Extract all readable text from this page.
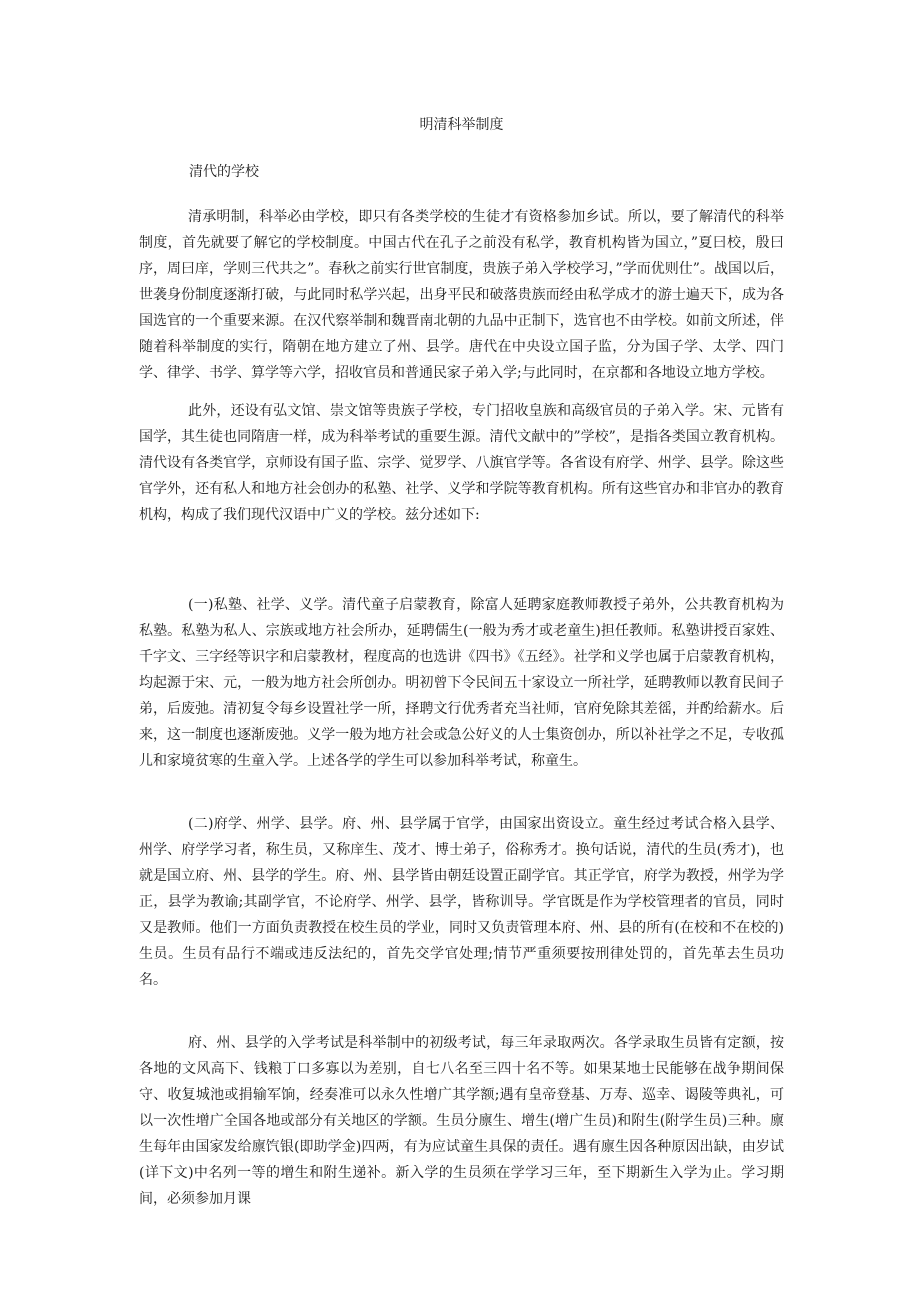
明清科举制度
清代的学校

清承明制，科举必由学校，即只有各类学校的生徒才有资格参加乡试。所以，要了解清代的科举制度，首先就要了解它的学校制度。中国古代在孔子之前没有私学，教育机构皆为国立，”夏曰校，殷曰序，周曰庠，学则三代共之”。春秋之前实行世官制度，贵族子弟入学校学习，”学而优则仕”。战国以后，世袭身份制度逐渐打破，与此同时私学兴起，出身平民和破落贵族而经由私学成才的游士遍天下，成为各国选官的一个重要来源。在汉代察举制和魏晋南北朝的九品中正制下，选官也不由学校。如前文所述，伴随着科举制度的实行，隋朝在地方建立了州、县学。唐代在中央设立国子监，分为国子学、太学、四门学、律学、书学、算学等六学，招收官员和普通民家子弟入学;与此同时，在京都和各地设立地方学校。

此外，还设有弘文馆、崇文馆等贵族子学校，专门招收皇族和高级官员的子弟入学。宋、元皆有国学，其生徒也同隋唐一样，成为科举考试的重要生源。清代文献中的”学校”，是指各类国立教育机构。清代设有各类官学，京师设有国子监、宗学、觉罗学、八旗官学等。各省设有府学、州学、县学。除这些官学外，还有私人和地方社会创办的私塾、社学、义学和学院等教育机构。所有这些官办和非官办的教育机构，构成了我们现代汉语中广义的学校。兹分述如下:

(一)私塾、社学、义学。清代童子启蒙教育，除富人延聘家庭教师教授子弟外，公共教育机构为私塾。私塾为私人、宗族或地方社会所办，延聘儒生(一般为秀才或老童生)担任教师。私塾讲授百家姓、千字文、三字经等识字和启蒙教材，程度高的也选讲《四书》《五经》。社学和义学也属于启蒙教育机构，均起源于宋、元，一般为地方社会所创办。明初曾下令民间五十家设立一所社学，延聘教师以教育民间子弟，后废弛。清初复令每乡设置社学一所，择聘文行优秀者充当社师，官府免除其差徭，并酌给薪水。后来，这一制度也逐渐废弛。义学一般为地方社会或急公好义的人士集资创办，所以补社学之不足，专收孤儿和家境贫寒的生童入学。上述各学的学生可以参加科举考试，称童生。

(二)府学、州学、县学。府、州、县学属于官学，由国家出资设立。童生经过考试合格入县学、州学、府学学习者，称生员，又称庠生、茂才、博士弟子，俗称秀才。换句话说，清代的生员(秀才)，也就是国立府、州、县学的学生。府、州、县学皆由朝廷设置正副学官。其正学官，府学为教授，州学为学正，县学为教谕;其副学官，不论府学、州学、县学，皆称训导。学官既是作为学校管理者的官员，同时又是教师。他们一方面负责教授在校生员的学业，同时又负责管理本府、州、县的所有(在校和不在校的)生员。生员有品行不端或违反法纪的，首先交学官处理;情节严重须要按刑律处罚的，首先革去生员功名。

府、州、县学的入学考试是科举制中的初级考试，每三年录取两次。各学录取生员皆有定额，按各地的文风高下、钱粮丁口多寡以为差别，自七八名至三四十名不等。如果某地士民能够在战争期间保守、收复城池或捐输军饷，经奏准可以永久性增广其学额;遇有皇帝登基、万寿、巡幸、谒陵等典礼，可以一次性增广全国各地或部分有关地区的学额。生员分廪生、增生(增广生员)和附生(附学生员)三种。廪生每年由国家发给廪饩银(即助学金)四两，有为应试童生具保的责任。遇有廪生因各种原因出缺，由岁试(详下文)中名列一等的增生和附生递补。新入学的生员须在学学习三年，至下期新生入学为止。学习期间，必须参加月课
